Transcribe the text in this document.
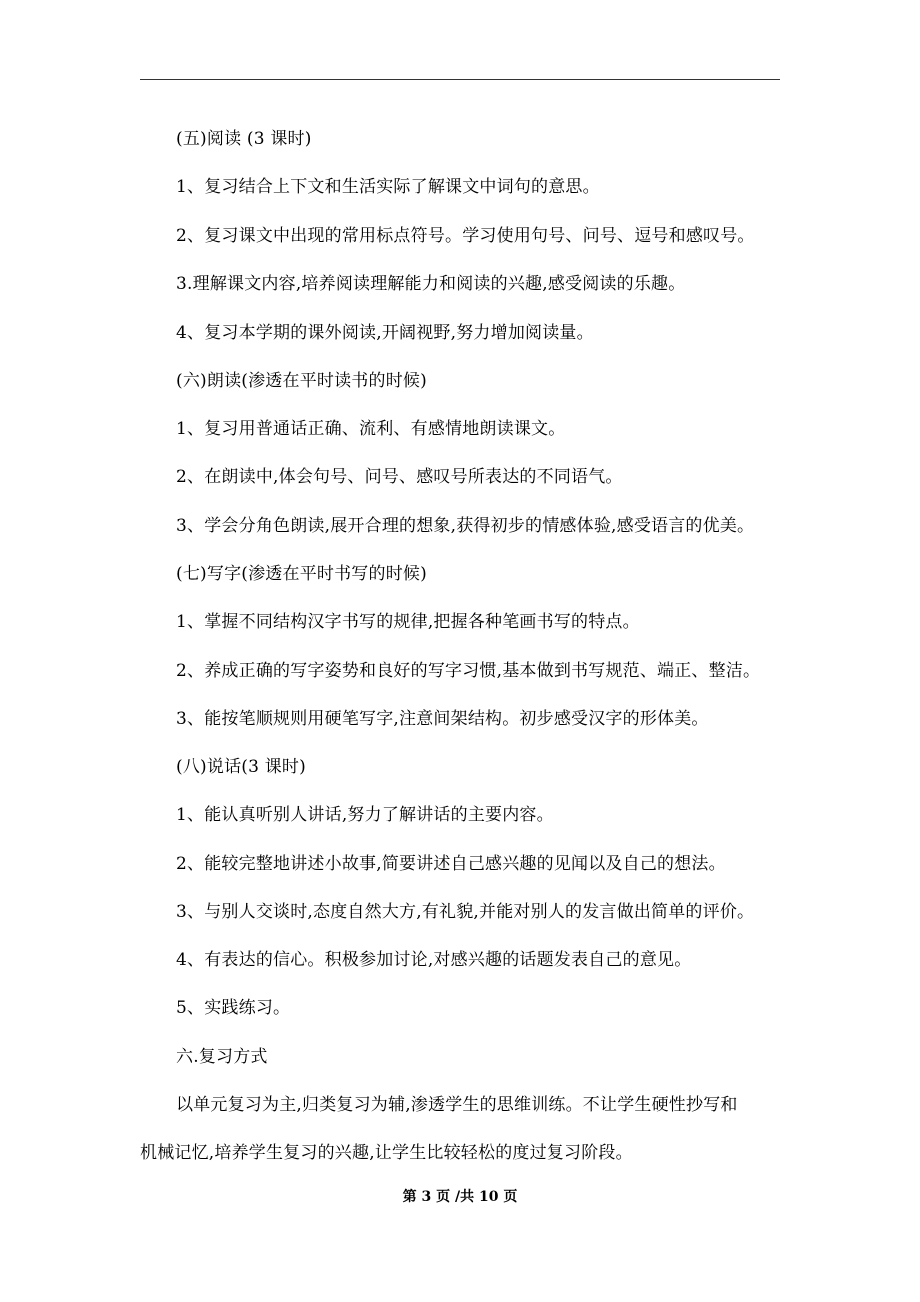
(五)阅读 (3 课时)
1、复习结合上下文和生活实际了解课文中词句的意思。
2、复习课文中出现的常用标点符号。学习使用句号、问号、逗号和感叹号。
3.理解课文内容,培养阅读理解能力和阅读的兴趣,感受阅读的乐趣。
4、复习本学期的课外阅读,开阔视野,努力增加阅读量。
(六)朗读(渗透在平时读书的时候)
1、复习用普通话正确、流利、有感情地朗读课文。
2、在朗读中,体会句号、问号、感叹号所表达的不同语气。
3、学会分角色朗读,展开合理的想象,获得初步的情感体验,感受语言的优美。
(七)写字(渗透在平时书写的时候)
1、掌握不同结构汉字书写的规律,把握各种笔画书写的特点。
2、养成正确的写字姿势和良好的写字习惯,基本做到书写规范、端正、整洁。
3、能按笔顺规则用硬笔写字,注意间架结构。初步感受汉字的形体美。
(八)说话(3 课时)
1、能认真听别人讲话,努力了解讲话的主要内容。
2、能较完整地讲述小故事,简要讲述自己感兴趣的见闻以及自己的想法。
3、与别人交谈时,态度自然大方,有礼貌,并能对别人的发言做出简单的评价。
4、有表达的信心。积极参加讨论,对感兴趣的话题发表自己的意见。
5、实践练习。
六.复习方式
以单元复习为主,归类复习为辅,渗透学生的思维训练。不让学生硬性抄写和
机械记忆,培养学生复习的兴趣,让学生比较轻松的度过复习阶段。
第 3 页 /共 10 页
